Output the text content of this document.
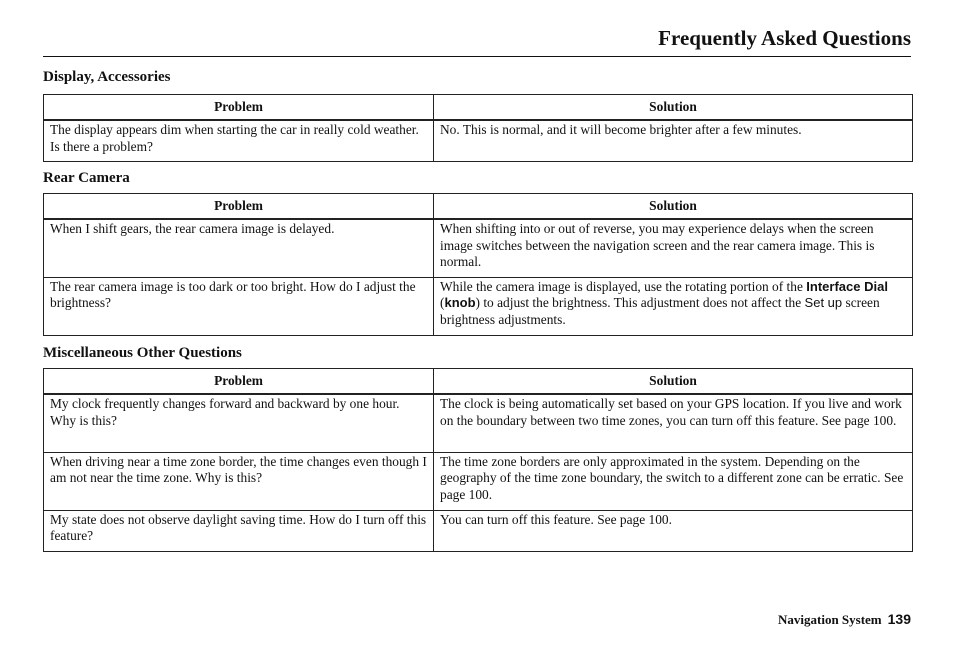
Frequently Asked Questions
Display, Accessories
Problem	Solution
The display appears dim when starting the car in really cold weather. Is there a problem?	No. This is normal, and it will become brighter after a few minutes.
Rear Camera
Problem	Solution
When I shift gears, the rear camera image is delayed.	When shifting into or out of reverse, you may experience delays when the screen image switches between the navigation screen and the rear camera image. This is normal.
The rear camera image is too dark or too bright. How do I adjust the brightness?	While the camera image is displayed, use the rotating portion of the Interface Dial (knob) to adjust the brightness. This adjustment does not affect the Set up screen brightness adjustments.
Miscellaneous Other Questions
Problem	Solution
My clock frequently changes forward and backward by one hour. Why is this?	The clock is being automatically set based on your GPS location. If you live and work on the boundary between two time zones, you can turn off this feature. See page 100.
When driving near a time zone border, the time changes even though I am not near the time zone. Why is this?	The time zone borders are only approximated in the system. Depending on the geography of the time zone boundary, the switch to a different zone can be erratic. See page 100.
My state does not observe daylight saving time. How do I turn off this feature?	You can turn off this feature. See page 100.
Navigation System 139
